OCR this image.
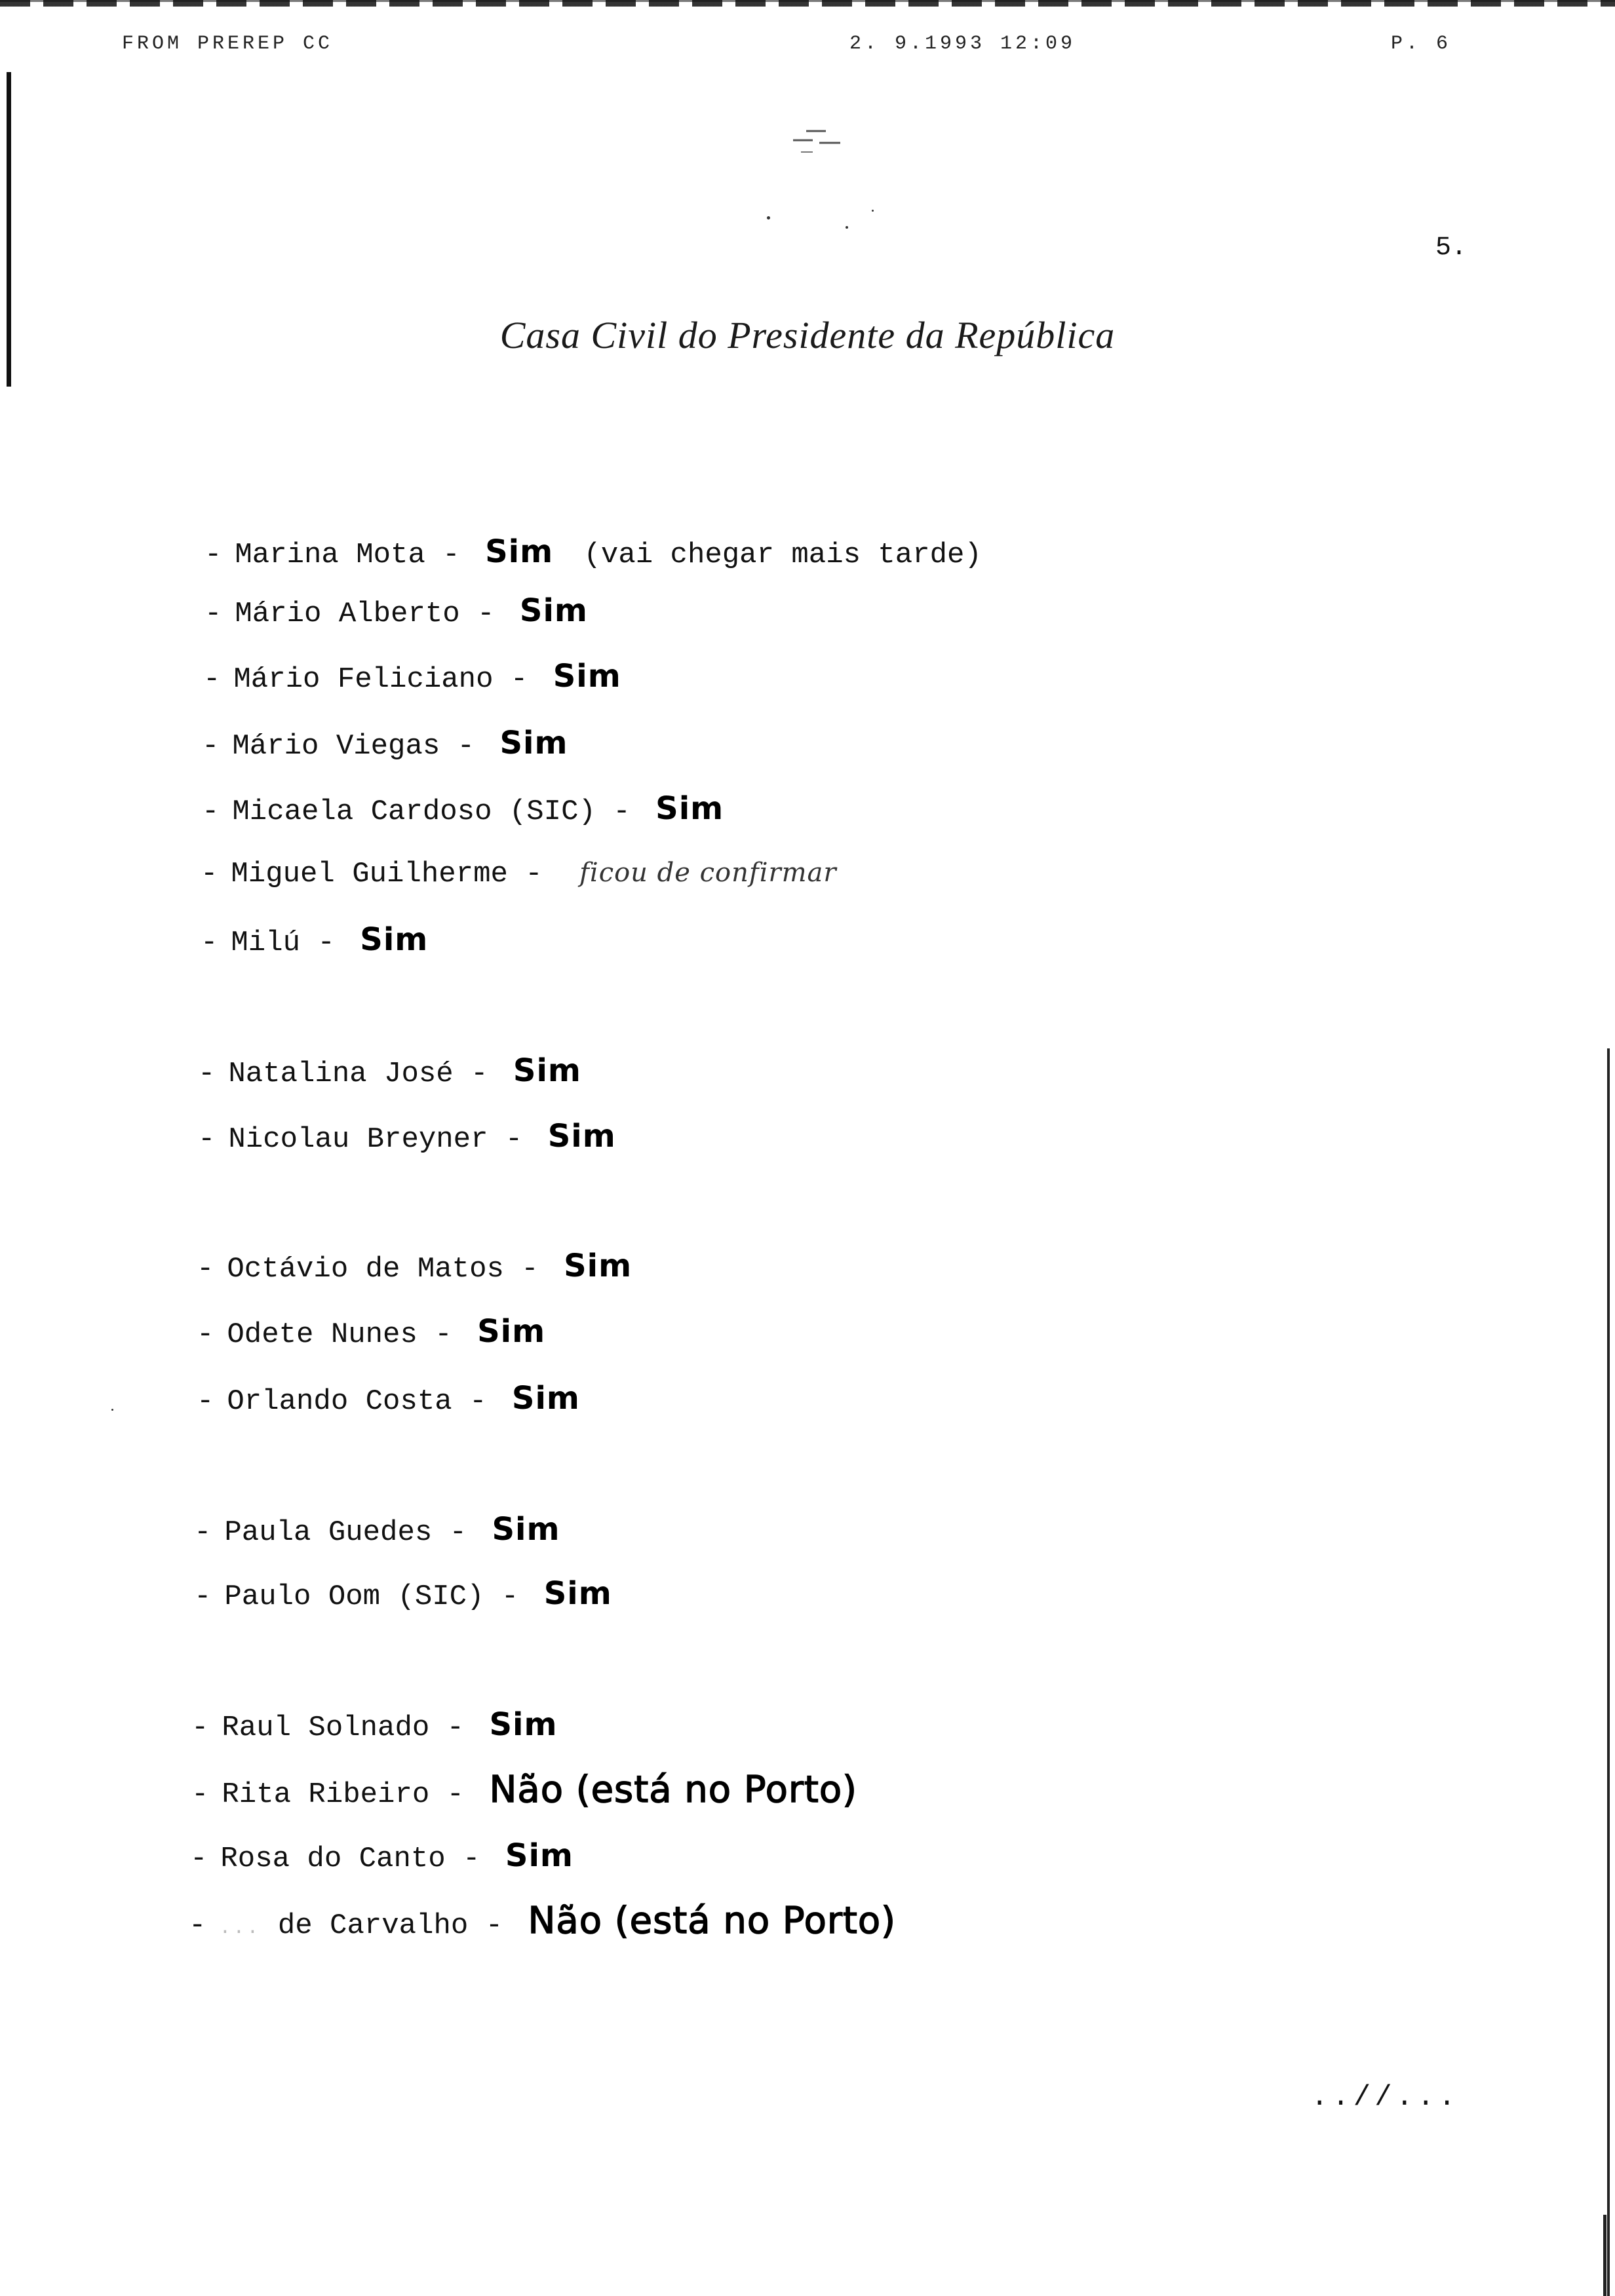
FROM PREREP CC	2. 9.1993 12:09	P. 6
5.
Casa Civil do Presidente da República
- Marina Mota - Sim (vai chegar mais tarde)
- Mário Alberto - Sim
- Mário Feliciano - Sim
- Mário Viegas - Sim
- Micaela Cardoso (SIC) - Sim
- Miguel Guilherme - ficou de confirmar
- Milú - Sim
- Natalina José - Sim
- Nicolau Breyner - Sim
- Octávio de Matos - Sim
- Odete Nunes - Sim
- Orlando Costa - Sim
- Paula Guedes - Sim
- Paulo Oom (SIC) - Sim
- Raul Solnado - Sim
- Rita Ribeiro - Não (está no Porto)
- Rosa do Canto - Sim
- ... de Carvalho - Não (está no Porto)
..//...
